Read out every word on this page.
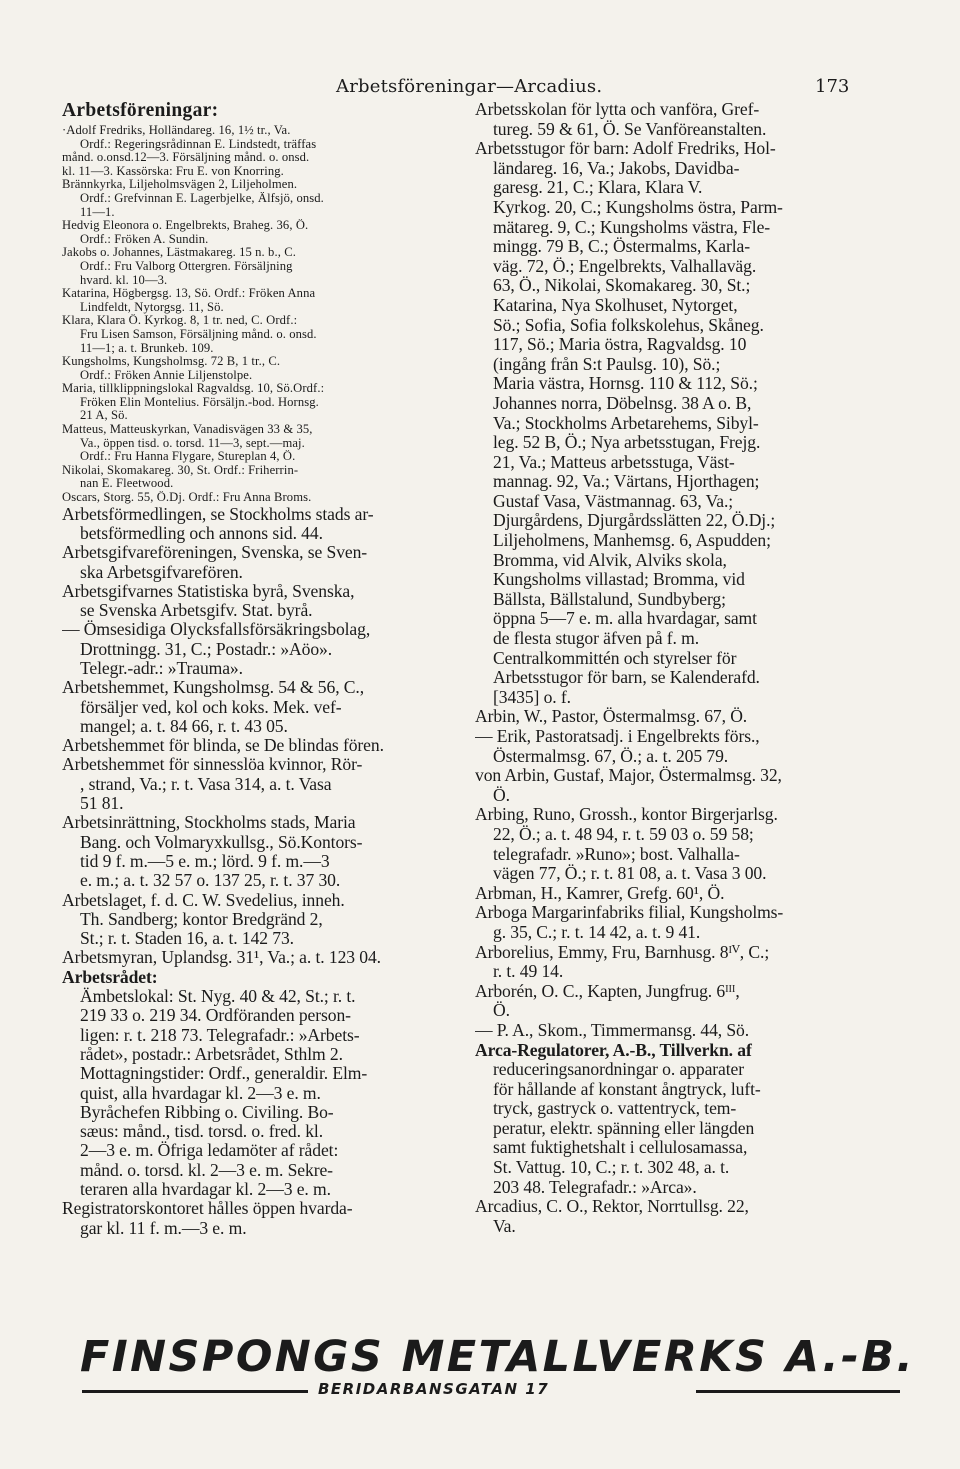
Arbetsföreningar—Arcadius.	173

Arbetsföreningar:

·Adolf Fredriks, Holländareg. 16, 1½ tr., Va.

Ordf.: Regeringsrådinnan E. Lindstedt, träffas

månd. o.onsd.12—3. Försäljning månd. o. onsd.

kl. 11—3. Kassörska: Fru E. von Knorring.

Brännkyrka, Liljeholmsvägen 2, Liljeholmen.

Ordf.: Grefvinnan E. Lagerbjelke, Älfsjö, onsd.

11—1.

Hedvig Eleonora o. Engelbrekts, Braheg. 36, Ö.

Ordf.: Fröken A. Sundin.

Jakobs o. Johannes, Lästmakareg. 15 n. b., C.

Ordf.: Fru Valborg Ottergren. Försäljning

hvard. kl. 10—3.

Katarina, Högbergsg. 13, Sö. Ordf.: Fröken Anna

Lindfeldt, Nytorgsg. 11, Sö.

Klara, Klara Ö. Kyrkog. 8, 1 tr. ned, C. Ordf.:

Fru Lisen Samson, Försäljning månd. o. onsd.

11—1; a. t. Brunkeb. 109.

Kungsholms, Kungsholmsg. 72 B, 1 tr., C.

Ordf.: Fröken Annie Liljenstolpe.

Maria, tillklippningslokal Ragvaldsg. 10, Sö.Ordf.:

Fröken Elin Montelius. Försäljn.-bod. Hornsg.

21 A, Sö.

Matteus, Matteuskyrkan, Vanadisvägen 33 & 35,

Va., öppen tisd. o. torsd. 11—3, sept.—maj.

Ordf.: Fru Hanna Flygare, Stureplan 4, Ö.

Nikolai, Skomakareg. 30, St. Ordf.: Friherrin-

nan E. Fleetwood.

Oscars, Storg. 55, Ö.Dj. Ordf.: Fru Anna Broms.

Arbetsförmedlingen, se Stockholms stads ar-

betsförmedling och annons sid. 44.

Arbetsgifvareföreningen, Svenska, se Sven-

ska Arbetsgifvarefören.

Arbetsgifvarnes Statistiska byrå, Svenska,

se Svenska Arbetsgifv. Stat. byrå.

— Ömsesidiga Olycksfallsförsäkringsbolag,

Drottningg. 31, C.; Postadr.: »Aöo».

Telegr.-adr.: »Trauma».

Arbetshemmet, Kungsholmsg. 54 & 56, C.,

försäljer ved, kol och koks. Mek. vef-

mangel; a. t. 84 66, r. t. 43 05.

Arbetshemmet för blinda, se De blindas fören.

Arbetshemmet för sinnesslöa kvinnor, Rör-

, strand, Va.; r. t. Vasa 314, a. t. Vasa

51 81.

Arbetsinrättning, Stockholms stads, Maria

Bang. och Volmaryxkullsg., Sö.Kontors-

tid 9 f. m.—5 e. m.; lörd. 9 f. m.—3

e. m.; a. t. 32 57 o. 137 25, r. t. 37 30.

Arbetslaget, f. d. C. W. Svedelius, inneh.

Th. Sandberg; kontor Bredgränd 2,

St.; r. t. Staden 16, a. t. 142 73.

Arbetsmyran, Uplandsg. 31¹, Va.; a. t. 123 04.

Arbetsrådet:

Ämbetslokal: St. Nyg. 40 & 42, St.; r. t.

219 33 o. 219 34. Ordföranden person-

ligen: r. t. 218 73. Telegrafadr.: »Arbets-

rådet», postadr.: Arbetsrådet, Sthlm 2.

Mottagningstider: Ordf., generaldir. Elm-

quist, alla hvardagar kl. 2—3 e. m.

Byråchefen Ribbing o. Civiling. Bo-

sæus: månd., tisd. torsd. o. fred. kl.

2—3 e. m. Öfriga ledamöter af rådet:

månd. o. torsd. kl. 2—3 e. m. Sekre-

teraren alla hvardagar kl. 2—3 e. m.

Registratorskontoret hålles öppen hvarda-

gar kl. 11 f. m.—3 e. m.

Arbetsskolan för lytta och vanföra, Gref-

tureg. 59 & 61, Ö. Se Vanföreanstalten.

Arbetsstugor för barn: Adolf Fredriks, Hol-

ländareg. 16, Va.; Jakobs, Davidba-

garesg. 21, C.; Klara, Klara V.

Kyrkog. 20, C.; Kungsholms östra, Parm-

mätareg. 9, C.; Kungsholms västra, Fle-

mingg. 79 B, C.; Östermalms, Karla-

väg. 72, Ö.; Engelbrekts, Valhallaväg.

63, Ö., Nikolai, Skomakareg. 30, St.;

Katarina, Nya Skolhuset, Nytorget,

Sö.; Sofia, Sofia folkskolehus, Skåneg.

117, Sö.; Maria östra, Ragvaldsg. 10

(ingång från S:t Paulsg. 10), Sö.;

Maria västra, Hornsg. 110 & 112, Sö.;

Johannes norra, Döbelnsg. 38 A o. B,

Va.; Stockholms Arbetarehems, Sibyl-

leg. 52 B, Ö.; Nya arbetsstugan, Frejg.

21, Va.; Matteus arbetsstuga, Väst-

mannag. 92, Va.; Värtans, Hjorthagen;

Gustaf Vasa, Västmannag. 63, Va.;

Djurgårdens, Djurgårdsslätten 22, Ö.Dj.;

Liljeholmens, Manhemsg. 6, Aspudden;

Bromma, vid Alvik, Alviks skola,

Kungsholms villastad; Bromma, vid

Bällsta, Bällstalund, Sundbyberg;

öppna 5—7 e. m. alla hvardagar, samt

de flesta stugor äfven på f. m.

Centralkommittén och styrelser för

Arbetsstugor för barn, se Kalenderafd.

[3435] o. f.

Arbin, W., Pastor, Östermalmsg. 67, Ö.

— Erik, Pastoratsadj. i Engelbrekts förs.,

Östermalmsg. 67, Ö.; a. t. 205 79.

von Arbin, Gustaf, Major, Östermalmsg. 32,

Ö.

Arbing, Runo, Grossh., kontor Birgerjarlsg.

22, Ö.; a. t. 48 94, r. t. 59 03 o. 59 58;

telegrafadr. »Runo»; bost. Valhalla-

vägen 77, Ö.; r. t. 81 08, a. t. Vasa 3 00.

Arbman, H., Kamrer, Grefg. 60¹, Ö.

Arboga Margarinfabriks filial, Kungsholms-

g. 35, C.; r. t. 14 42, a. t. 9 41.

Arborelius, Emmy, Fru, Barnhusg. 8ᴵⱽ, C.;

r. t. 49 14.

Arborén, O. C., Kapten, Jungfrug. 6ᴵᴵᴵ,

Ö.

— P. A., Skom., Timmermansg. 44, Sö.

Arca-Regulatorer, A.-B., Tillverkn. af

reduceringsanordningar o. apparater

för hållande af konstant ångtryck, luft-

tryck, gastryck o. vattentryck, tem-

peratur, elektr. spänning eller längden

samt fuktighetshalt i cellulosamassa,

St. Vattug. 10, C.; r. t. 302 48, a. t.

203 48. Telegrafadr.: »Arca».

Arcadius, C. O., Rektor, Norrtullsg. 22,

Va.

FINSPONGS METALLVERKS A.-B.
BERIDARBANSGATAN 17
